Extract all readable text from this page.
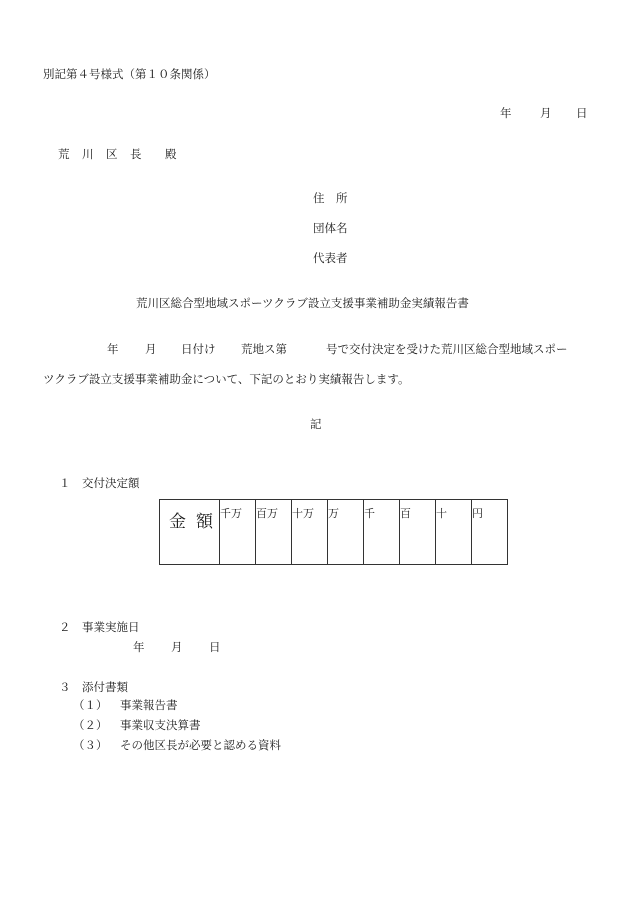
別記第４号様式（第１０条関係）
年 月 日
荒 川 区 長 殿
住　所
団体名
代表者
荒川区総合型地域スポーツクラブ設立支援事業補助金実績報告書
年 月 日付け 荒地ス第	号で交付決定を受けた荒川区総合型地域スポー
ツクラブ設立支援事業補助金について、下記のとおり実績報告します。
記
１　交付決定額
金 額	千万	百万	十万	万	千	百	十	円
２　事業実施日
年 月 日
３　添付書類
（１） 事業報告書
（２） 事業収支決算書
（３） その他区長が必要と認める資料
